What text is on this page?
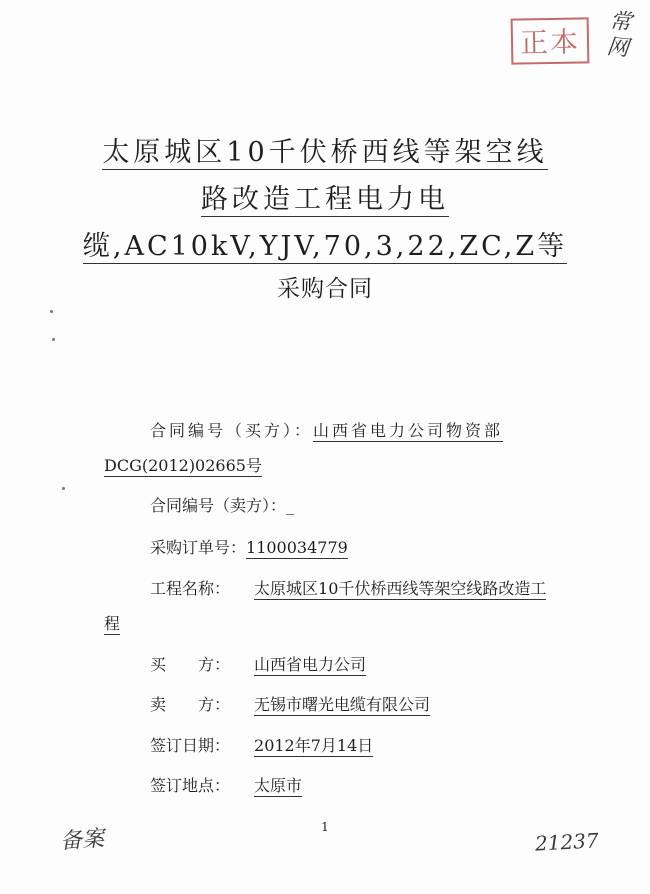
正本
常网
太原城区10千伏桥西线等架空线
路改造工程电力电
缆,AC10kV,YJV,70,3,22,ZC,Z等
采购合同
合同编号（买方）：山西省电力公司物资部
DCG(2012)02665号
合同编号（卖方）：_
采购订单号：1100034779
工程名称： 太原城区10千伏桥西线等架空线路改造工
程
买　　方： 山西省电力公司
卖　　方： 无锡市曙光电缆有限公司
签订日期： 2012年7月14日
签订地点： 太原市
1
备案	21237
